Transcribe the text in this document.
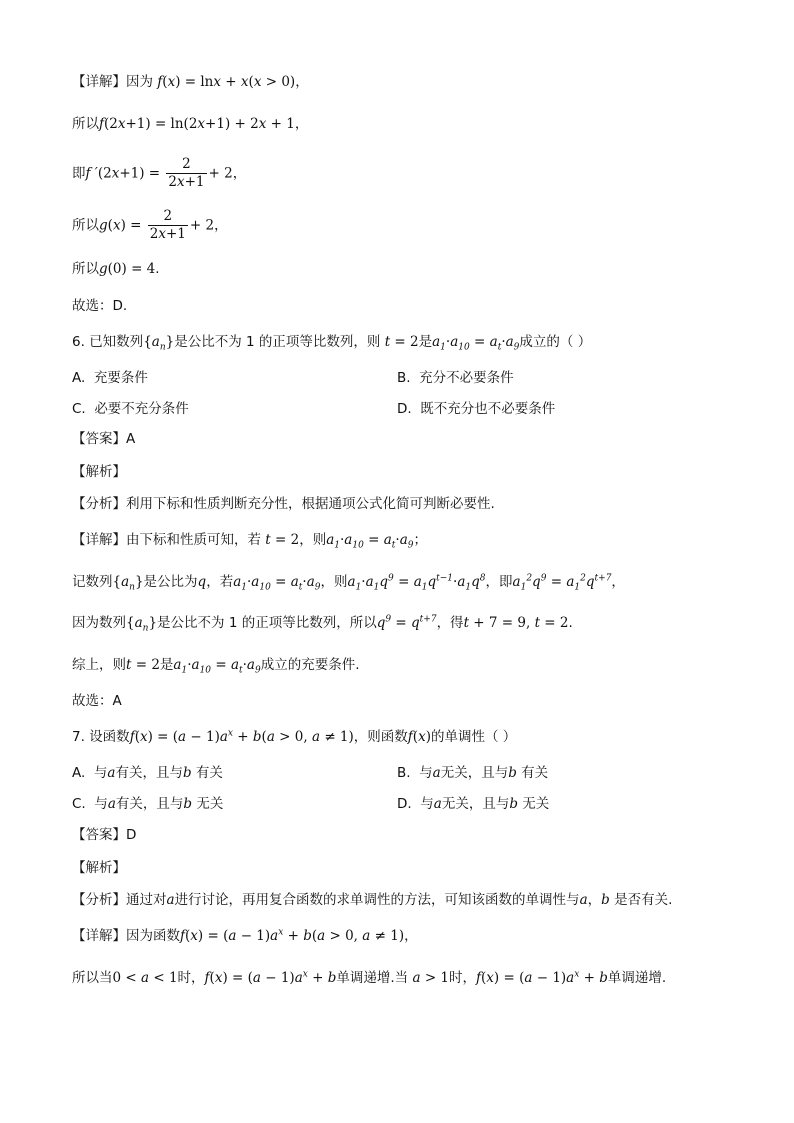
【详解】因为 f(x) = lnx + x(x > 0)，
所以f(2x+1) = ln(2x+1) + 2x + 1，
即f $'(2x+1) = \frac{2}{2x+1} + 2$，
所以$g(x) = \frac{2}{2x+1} + 2$，
所以g(0) = 4.
故选：D.
6. 已知数列$\{a_n\}$是公比不为 1 的正项等比数列，则 t = 2是$a_1\cdot a_{10} = a_t\cdot a_9$成立的（ ）
A. 充要条件	B. 充分不必要条件
C. 必要不充分条件	D. 既不充分也不必要条件
【答案】A
【解析】
【分析】利用下标和性质判断充分性，根据通项公式化简可判断必要性.
【详解】由下标和性质可知，若 t = 2，则$a_1\cdot a_{10} = a_t\cdot a_9$；
记数列$\{a_n\}$是公比为q，若$a_1\cdot a_{10} = a_t\cdot a_9$，则$a_1\cdot a_1q^9 = a_1q^{t-1}\cdot a_1q^8$，即$a_1^2q^9 = a_1^2q^{t+7}$，
因为数列$\{a_n\}$是公比不为 1 的正项等比数列，所以$q^9 = q^{t+7}$，得t + 7 = 9, t = 2.
综上，则t = 2是$a_1\cdot a_{10} = a_t\cdot a_9$成立的充要条件.
故选：A
7. 设函数$f(x) = (a - 1)a^x + b(a > 0$, a ≠ 1)，则函数f(x)的单调性（ ）
A. 与a有关，且与b 有关	B. 与a无关，且与b 有关
C. 与a有关，且与b 无关	D. 与a无关，且与b 无关
【答案】D
【解析】
【分析】通过对a进行讨论，再用复合函数的求单调性的方法，可知该函数的单调性与a，b 是否有关.
【详解】因为函数$f(x) = (a - 1)a^x + b(a > 0$, a ≠ 1)，
所以当0 < a < 1时，$f(x) = (a - 1)a^x + b$单调递增.当 a > 1时，$f(x) = (a - 1)a^x + b$单调递增.
